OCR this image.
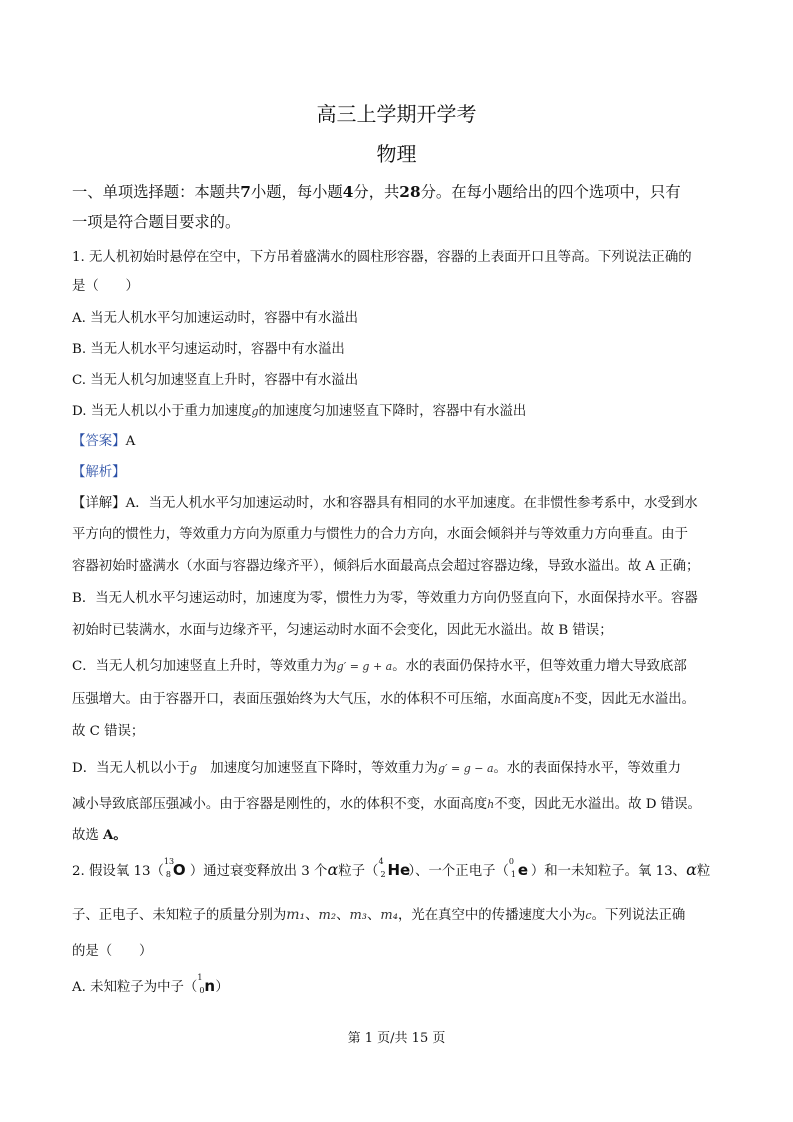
高三上学期开学考
物理
一、单项选择题：本题共7小题，每小题4分，共28分。在每小题给出的四个选项中，只有
一项是符合题目要求的。
1. 无人机初始时悬停在空中，下方吊着盛满水的圆柱形容器，容器的上表面开口且等高。下列说法正确的
是（　　）
A. 当无人机水平匀加速运动时，容器中有水溢出
B. 当无人机水平匀速运动时，容器中有水溢出
C. 当无人机匀加速竖直上升时，容器中有水溢出
D. 当无人机以小于重力加速度g的加速度匀加速竖直下降时，容器中有水溢出
【答案】A
【解析】
【详解】A．当无人机水平匀加速运动时，水和容器具有相同的水平加速度。在非惯性参考系中，水受到水
平方向的惯性力，等效重力方向为原重力与惯性力的合力方向，水面会倾斜并与等效重力方向垂直。由于
容器初始时盛满水（水面与容器边缘齐平），倾斜后水面最高点会超过容器边缘，导致水溢出。故 A 正确；
B．当无人机水平匀速运动时，加速度为零，惯性力为零，等效重力方向仍竖直向下，水面保持水平。容器
初始时已装满水，水面与边缘齐平，匀速运动时水面不会变化，因此无水溢出。故 B 错误；
C．当无人机匀加速竖直上升时，等效重力为g′ = g + a。水的表面仍保持水平，但等效重力增大导致底部
压强增大。由于容器开口，表面压强始终为大气压，水的体积不可压缩，水面高度h不变，因此无水溢出。
故 C 错误；
D．当无人机以小于g　加速度匀加速竖直下降时，等效重力为g′ = g − a。水的表面保持水平，等效重力
减小导致底部压强减小。由于容器是刚性的，水的体积不变，水面高度h不变，因此无水溢出。故 D 错误。
故选 A。
2. 假设氧 13（
13
8 O ）通过衰变释放出 3 个α粒子（
4
2 He
）、一个正电子（
0
1 e ）和一未知粒子。氧 13、α粒
子、正电子、未知粒子的质量分别为m₁、m₂、m₃、m₄，光在真空中的传播速度大小为c。下列说法正确
的是（　　）
A. 未知粒子为中子（
1
0 n ）
第 1 页/共 15 页
